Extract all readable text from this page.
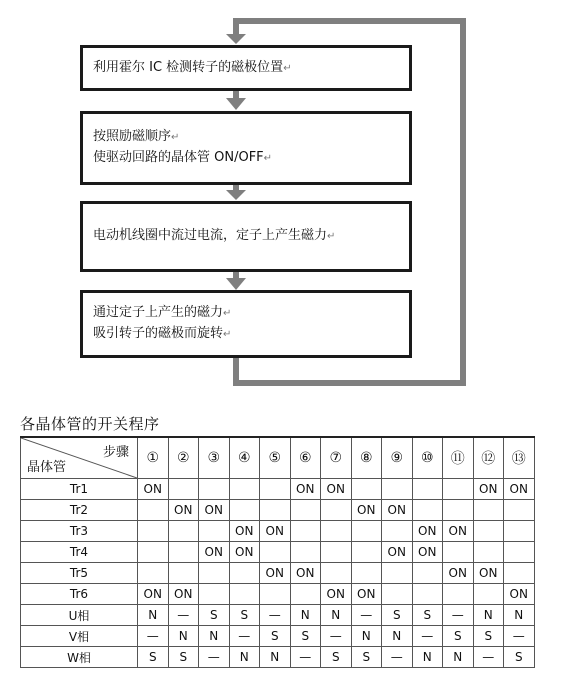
利用霍尔 IC 检测转子的磁极位置↵
按照励磁顺序↵
使驱动回路的晶体管 ON/OFF↵
电动机线圈中流过电流，定子上产生磁力↵
通过定子上产生的磁力↵
吸引转子的磁极而旋转↵
各晶体管的开关程序
步骤
晶体管	①	②	③	④	⑤	⑥	⑦	⑧	⑨	⑩	⑪	⑫	⑬
Tr1	ON					ON	ON					ON	ON
Tr2		ON	ON					ON	ON				
Tr3				ON	ON					ON	ON		
Tr4			ON	ON					ON	ON			
Tr5					ON	ON					ON	ON	
Tr6	ON	ON					ON	ON					ON
U相	N	—	S	S	—	N	N	—	S	S	—	N	N
V相	—	N	N	—	S	S	—	N	N	—	S	S	—
W相	S	S	—	N	N	—	S	S	—	N	N	—	S
